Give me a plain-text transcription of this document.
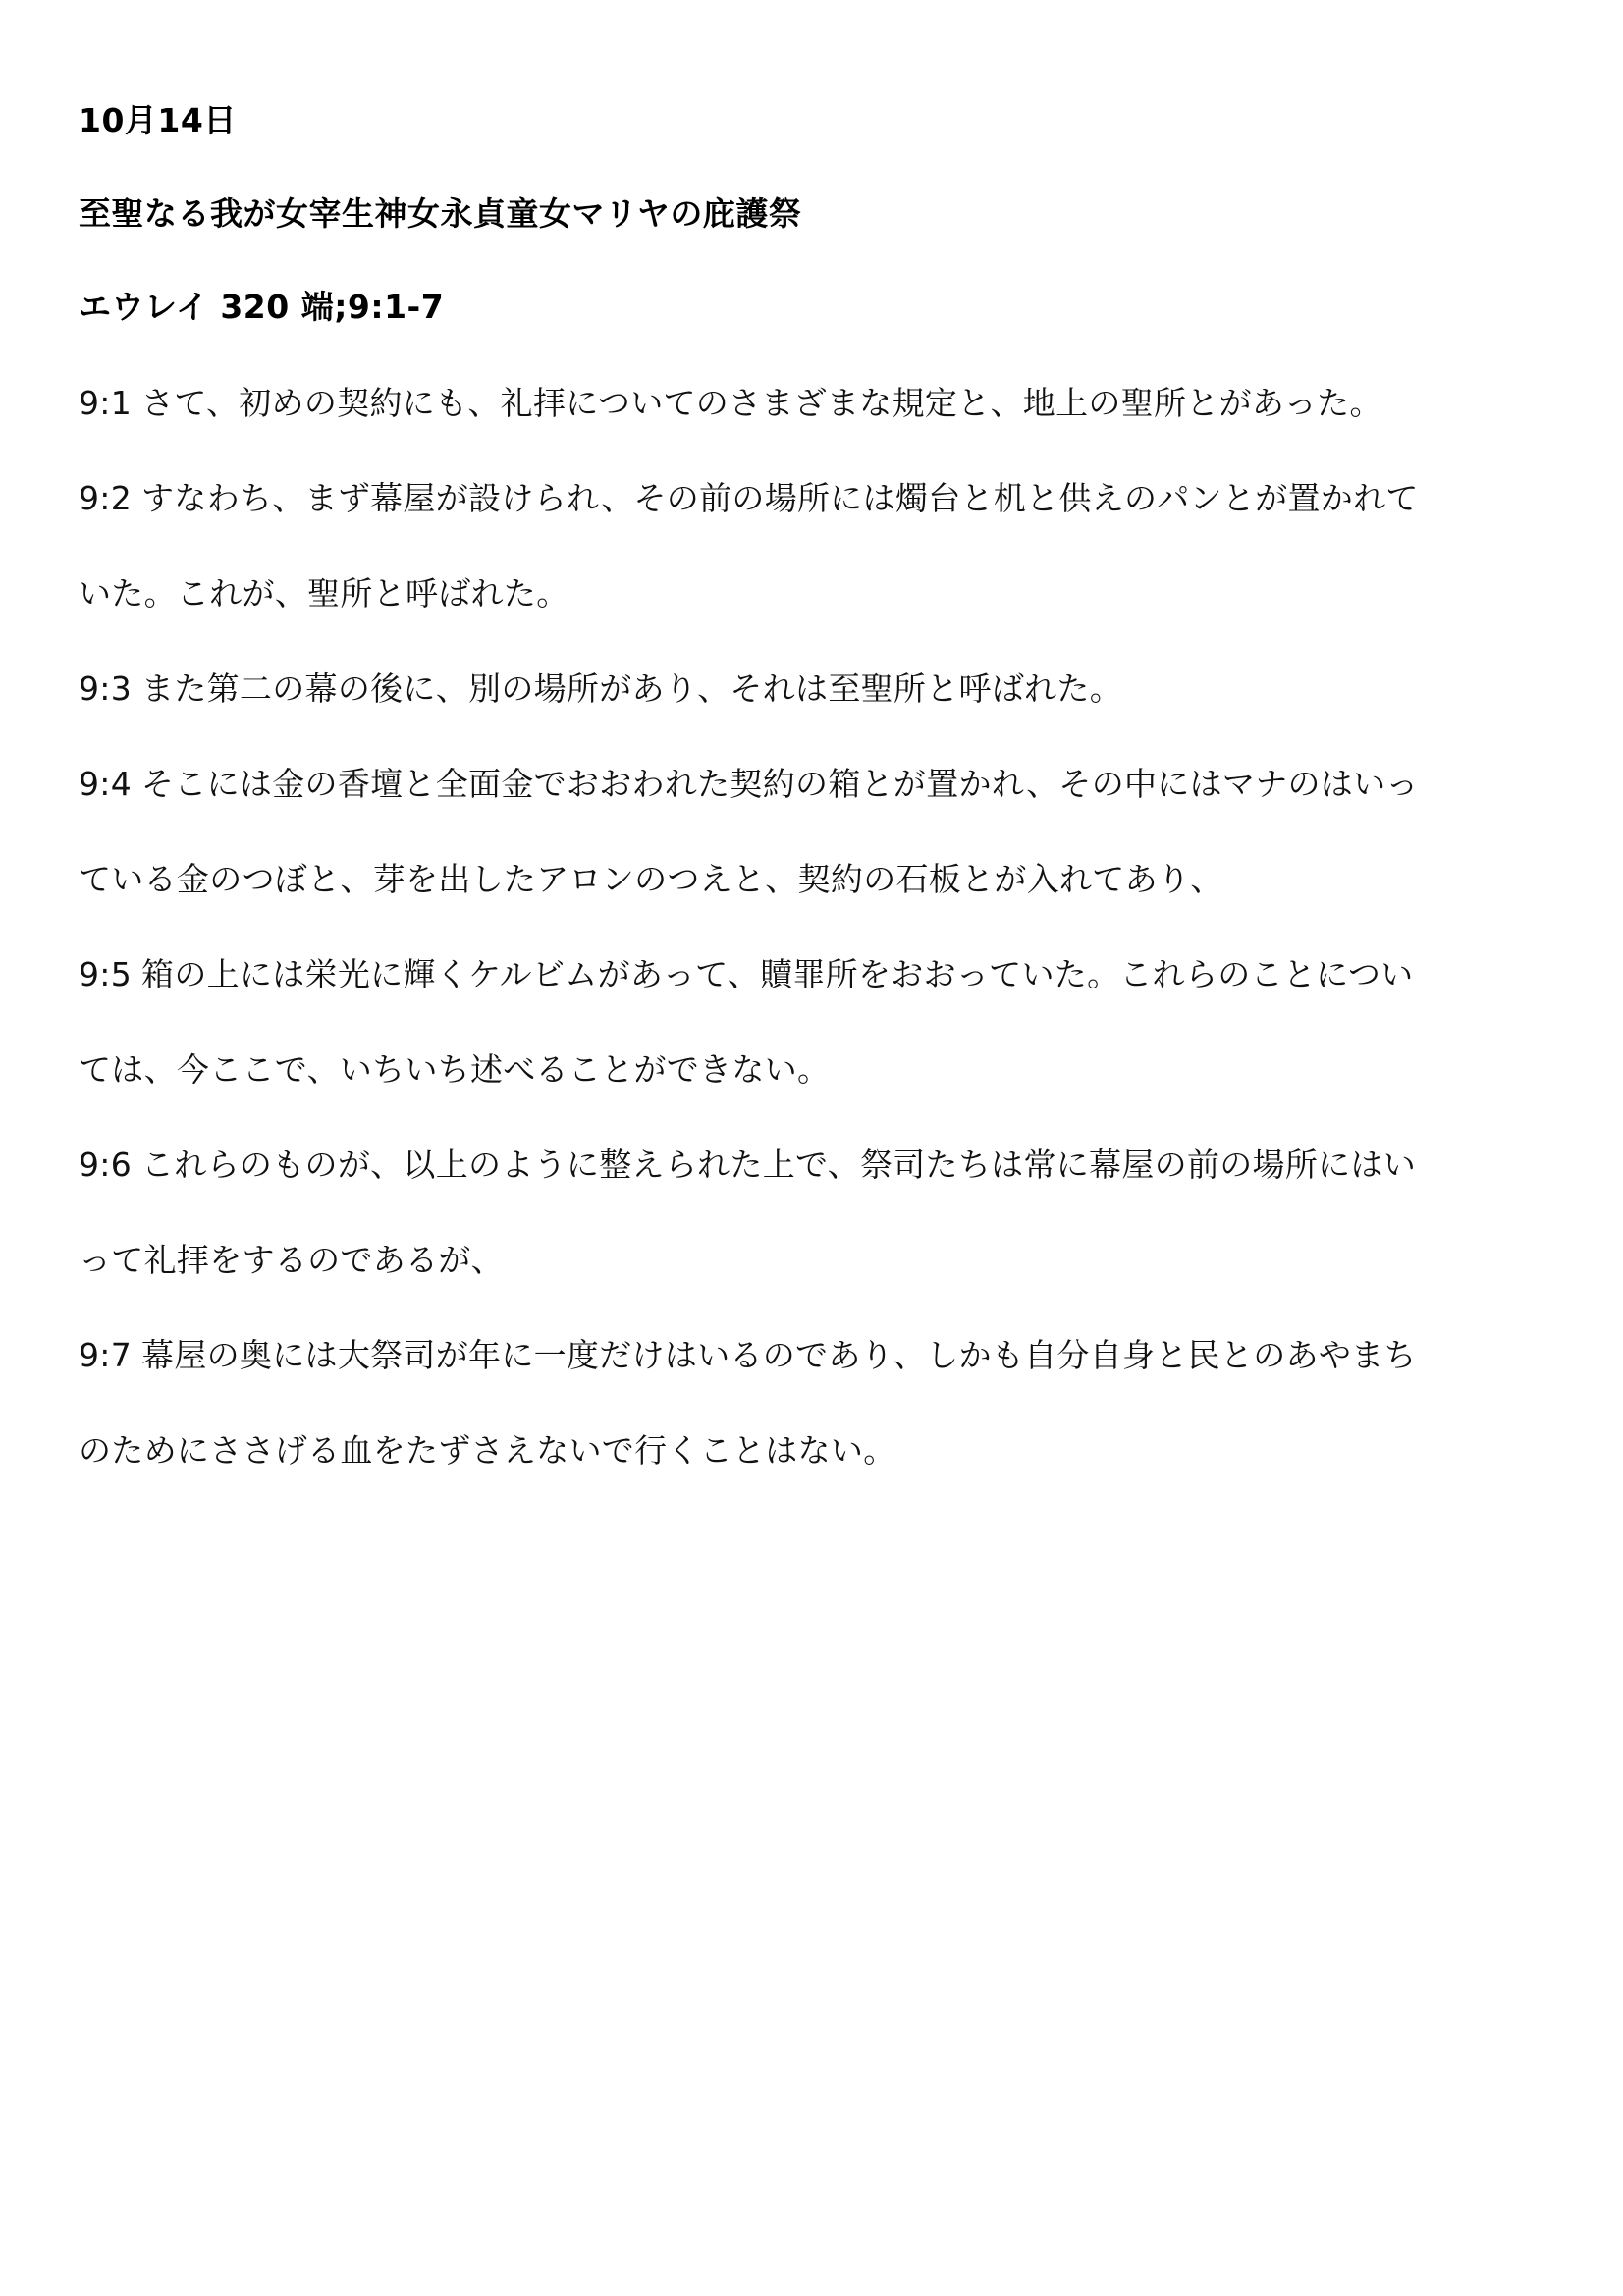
10月14日
至聖なる我が女宰生神女永貞童女マリヤの庇護祭
エウレイ 320 端;9:1-7
9:1 さて、初めの契約にも、礼拝についてのさまざまな規定と、地上の聖所とがあった。
9:2 すなわち、まず幕屋が設けられ、その前の場所には燭台と机と供えのパンとが置かれて
いた。これが、聖所と呼ばれた。
9:3 また第二の幕の後に、別の場所があり、それは至聖所と呼ばれた。
9:4 そこには金の香壇と全面金でおおわれた契約の箱とが置かれ、その中にはマナのはいっ
ている金のつぼと、芽を出したアロンのつえと、契約の石板とが入れてあり、
9:5 箱の上には栄光に輝くケルビムがあって、贖罪所をおおっていた。これらのことについ
ては、今ここで、いちいち述べることができない。
9:6 これらのものが、以上のように整えられた上で、祭司たちは常に幕屋の前の場所にはい
って礼拝をするのであるが、
9:7 幕屋の奥には大祭司が年に一度だけはいるのであり、しかも自分自身と民とのあやまち
のためにささげる血をたずさえないで行くことはない。
